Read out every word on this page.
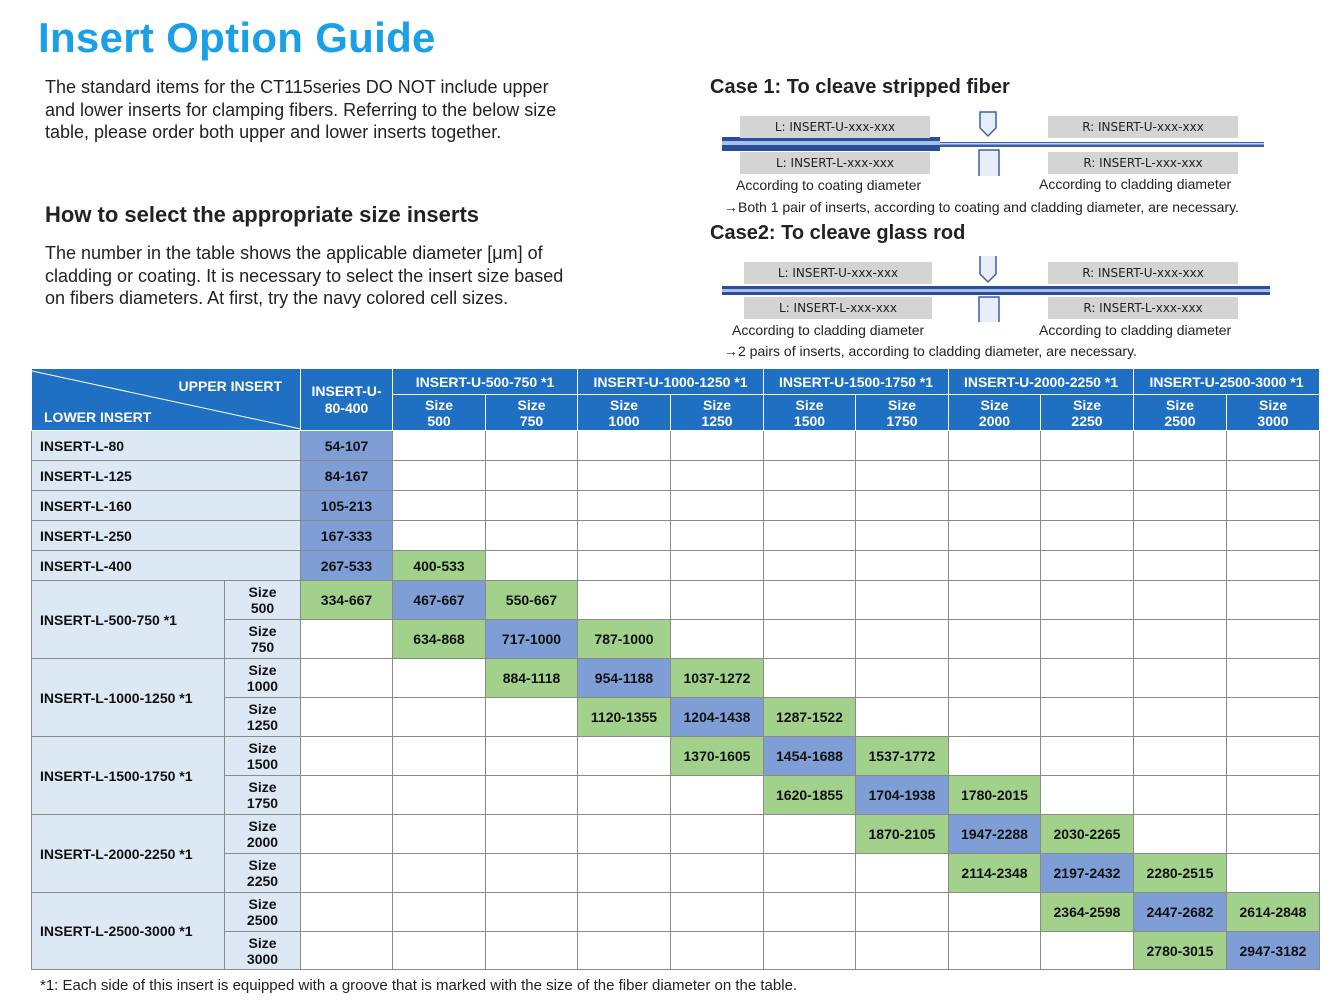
Insert Option Guide
The standard items for the CT115series DO NOT include upper and lower inserts for clamping fibers. Referring to the below size table, please order both upper and lower inserts together.
How to select the appropriate size inserts
The number in the table shows the applicable diameter [μm] of cladding or coating. It is necessary to select the insert size based on fibers diameters. At first, try the navy colored cell sizes.
Case 1: To cleave stripped fiber
L: INSERT-U-xxx-xxx
L: INSERT-L-xxx-xxx
R: INSERT-U-xxx-xxx
R: INSERT-L-xxx-xxx
According to coating diameter	According to cladding diameter
→Both 1 pair of inserts, according to coating and cladding diameter, are necessary.
Case2: To cleave glass rod
L: INSERT-U-xxx-xxx
L: INSERT-L-xxx-xxx
R: INSERT-U-xxx-xxx
R: INSERT-L-xxx-xxx
According to cladding diameter	According to cladding diameter
→2 pairs of inserts, according to cladding diameter, are necessary.
UPPER INSERT
LOWER INSERT		INSERT-U-80-400	INSERT-U-500-750 *1		INSERT-U-1000-1250 *1		INSERT-U-1500-1750 *1		INSERT-U-2000-2250 *1		INSERT-U-2500-3000 *1	
			Size 500	Size 750	Size 1000	Size 1250	Size 1500	Size 1750	Size 2000	Size 2250	Size 2500	Size 3000
INSERT-L-80		54-107										
INSERT-L-125		84-167										
INSERT-L-160		105-213										
INSERT-L-250		167-333										
INSERT-L-400		267-533	400-533									
INSERT-L-500-750 *1	Size 500	334-667	467-667	550-667								
	Size 750		634-868	717-1000	787-1000							
INSERT-L-1000-1250 *1	Size 1000			884-1118	954-1188	1037-1272						
	Size 1250				1120-1355	1204-1438	1287-1522					
INSERT-L-1500-1750 *1	Size 1500					1370-1605	1454-1688	1537-1772				
	Size 1750						1620-1855	1704-1938	1780-2015			
INSERT-L-2000-2250 *1	Size 2000							1870-2105	1947-2288	2030-2265		
	Size 2250								2114-2348	2197-2432	2280-2515	
INSERT-L-2500-3000 *1	Size 2500									2364-2598	2447-2682	2614-2848
	Size 3000										2780-3015	2947-3182
*1: Each side of this insert is equipped with a groove that is marked with the size of the fiber diameter on the table.
